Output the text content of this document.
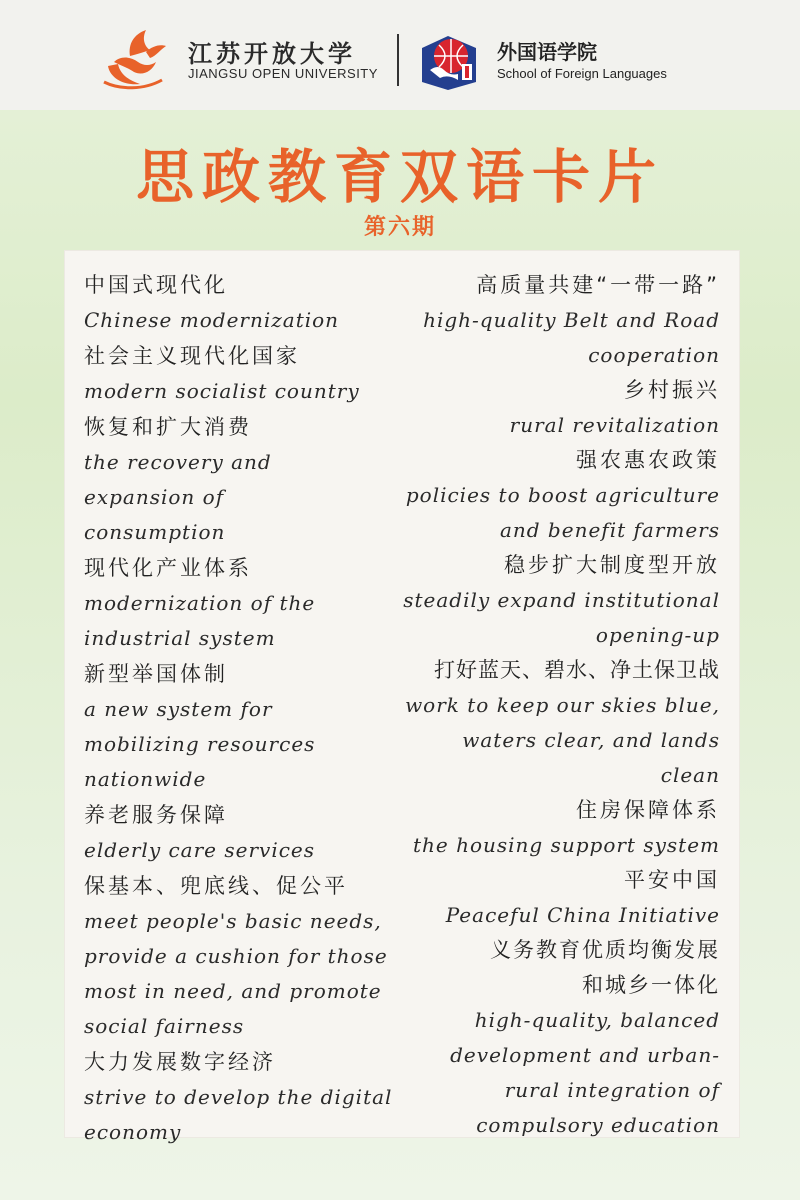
江苏开放大学
JIANGSU OPEN UNIVERSITY
外国语学院
School of Foreign Languages
思政教育双语卡片
第六期
中国式现代化
Chinese modernization
社会主义现代化国家
modern socialist country
恢复和扩大消费
the recovery and expansion of consumption
现代化产业体系
modernization of the industrial system
新型举国体制
a new system for mobilizing resources nationwide
养老服务保障
elderly care services
保基本、兜底线、促公平
meet people's basic needs, provide a cushion for those most in need, and promote social fairness
大力发展数字经济
strive to develop the digital economy
高质量共建“一带一路”
high-quality Belt and Road cooperation
乡村振兴
rural revitalization
强农惠农政策
policies to boost agriculture and benefit farmers
稳步扩大制度型开放
steadily expand institutional opening-up
打好蓝天、碧水、净土保卫战
work to keep our skies blue, waters clear, and lands clean
住房保障体系
the housing support system
平安中国
Peaceful China Initiative
义务教育优质均衡发展和城乡一体化
high-quality, balanced development and urban-rural integration of compulsory education
